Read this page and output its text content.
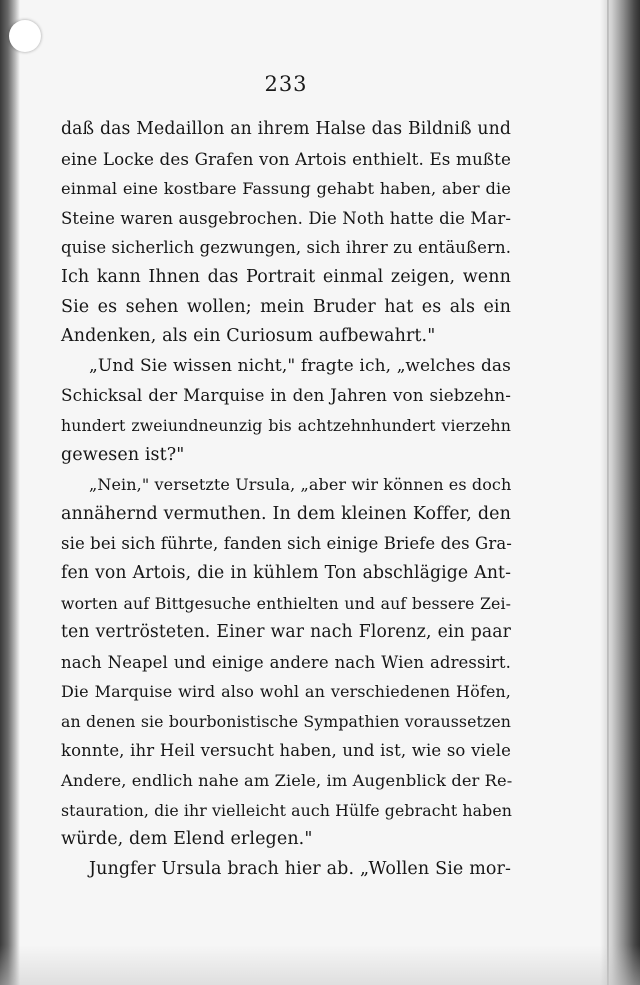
233
daß das Medaillon an ihrem Halse das Bildniß und
eine Locke des Grafen von Artois enthielt. Es mußte
einmal eine kostbare Fassung gehabt haben, aber die
Steine waren ausgebrochen. Die Noth hatte die Mar-
quise sicherlich gezwungen, sich ihrer zu entäußern.
Ich kann Ihnen das Portrait einmal zeigen, wenn
Sie es sehen wollen; mein Bruder hat es als ein
Andenken, als ein Curiosum aufbewahrt."
„Und Sie wissen nicht," fragte ich, „welches das
Schicksal der Marquise in den Jahren von siebzehn-
hundert zweiundneunzig bis achtzehnhundert vierzehn
gewesen ist?"
„Nein," versetzte Ursula, „aber wir können es doch
annähernd vermuthen. In dem kleinen Koffer, den
sie bei sich führte, fanden sich einige Briefe des Gra-
fen von Artois, die in kühlem Ton abschlägige Ant-
worten auf Bittgesuche enthielten und auf bessere Zei-
ten vertrösteten. Einer war nach Florenz, ein paar
nach Neapel und einige andere nach Wien adressirt.
Die Marquise wird also wohl an verschiedenen Höfen,
an denen sie bourbonistische Sympathien voraussetzen
konnte, ihr Heil versucht haben, und ist, wie so viele
Andere, endlich nahe am Ziele, im Augenblick der Re-
stauration, die ihr vielleicht auch Hülfe gebracht haben
würde, dem Elend erlegen."
Jungfer Ursula brach hier ab. „Wollen Sie mor-
